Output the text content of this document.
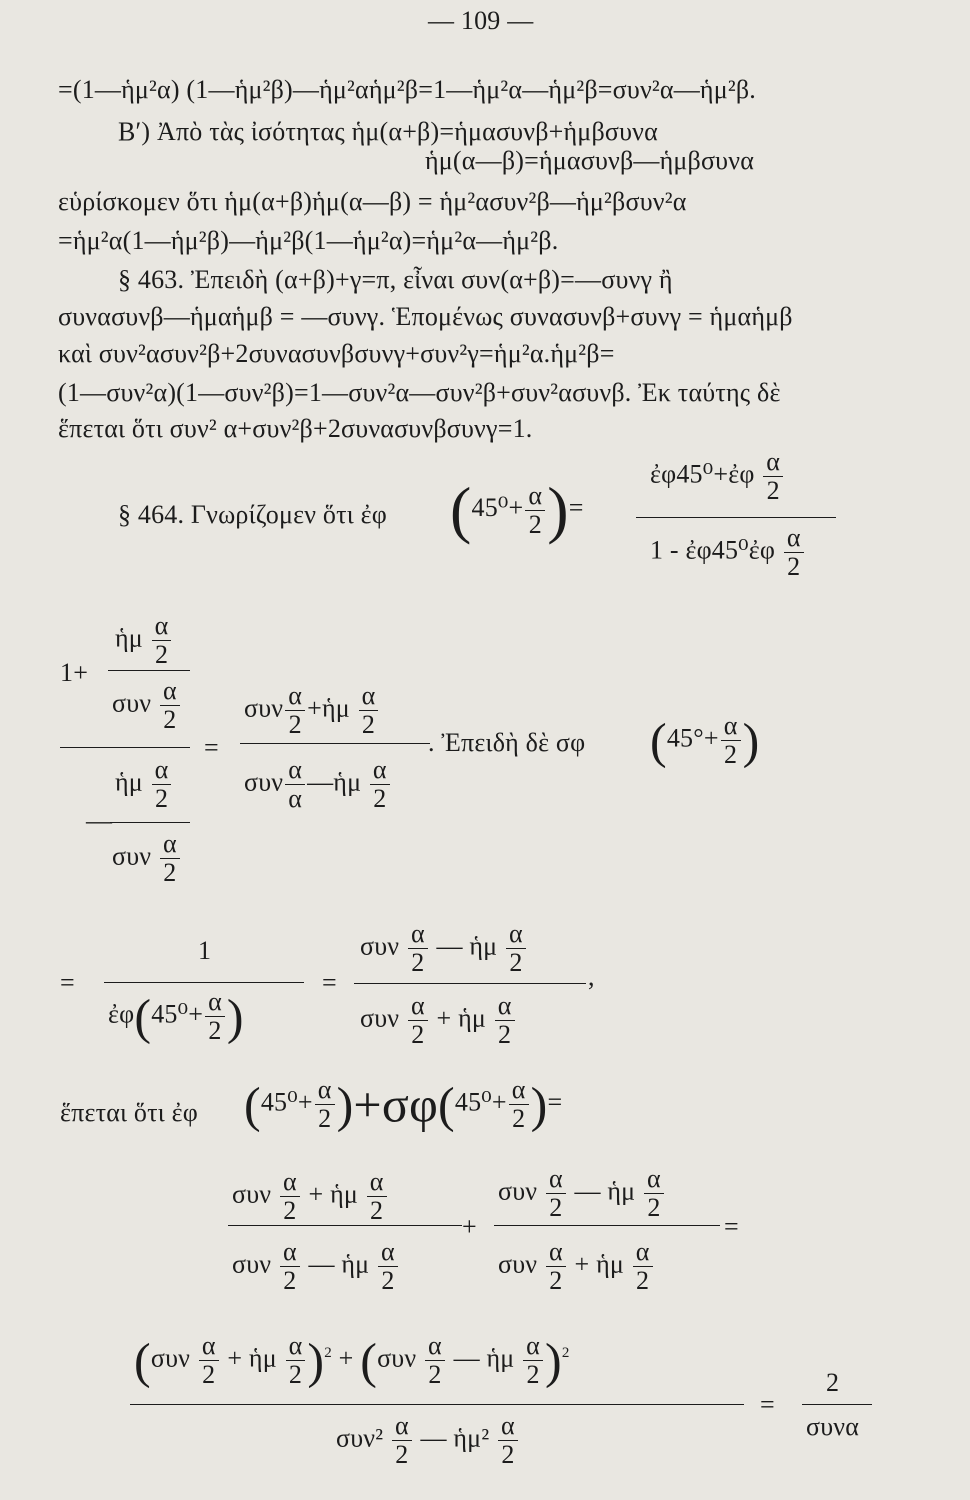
— 109 —
=(1—ἡμ²α) (1—ἡμ²β)—ἡμ²αἡμ²β=1—ἡμ²α—ἡμ²β=συν²α—ἡμ²β.
Β′) Ἀπὸ τὰς ἰσότητας ἡμ(α+β)=ἡμασυνβ+ἡμβσυνα
ἡμ(α—β)=ἡμασυνβ—ἡμβσυνα
εὑρίσκομεν ὅτι ἡμ(α+β)ἡμ(α—β) = ἡμ²ασυν²β—ἡμ²βσυν²α
=ἡμ²α(1—ἡμ²β)—ἡμ²β(1—ἡμ²α)=ἡμ²α—ἡμ²β.
§ 463. Ἐπειδὴ (α+β)+γ=π, εἶναι συν(α+β)=—συνγ ἢ
συνασυνβ—ἡμαἡμβ = —συνγ. Ἑπομένως συνασυνβ+συνγ = ἡμαἡμβ
καὶ συν²ασυν²β+2συνασυνβσυνγ+συν²γ=ἡμ²α.ἡμ²β=
(1—συν²α)(1—συν²β)=1—συν²α—συν²β+συν²ασυνβ. Ἐκ ταύτης δὲ
ἕπεται ὅτι συν² α+συν²β+2συνασυνβσυνγ=1.
§ 464. Γνωρίζομεν ὅτι ἐφ ($45^0+ \frac{\alpha}{2}$ )=
ἐφ45⁰+ἐφ $\frac{\alpha}{2}$
1 - ἐφ45⁰ἐφ $\frac{\alpha}{2}$
ἡμ $\frac{\alpha}{2}$
1+
συν $\frac{\alpha}{2}$
ἡμ $\frac{\alpha}{2}$
—
συν $\frac{\alpha}{2}$
=
συν $\frac{\alpha}{2}$ +ἡμ $\frac{\alpha}{2}$
συν $\frac{\alpha}{\alpha}$ —ἡμ $\frac{\alpha}{2}$
. Ἐπειδὴ δὲ σφ ($45^\circ+ \frac{\alpha}{2}$ )
=
1
ἐφ(45⁰+ $\frac{\alpha}{2}$ )
=
συν $\frac{\alpha}{2}$ — ἡμ $\frac{\alpha}{2}$ ,
συν $\frac{\alpha}{2}$ + ἡμ $\frac{\alpha}{2}$
ἕπεται ὅτι ἐφ $(45^0+ \frac{\alpha}{2} )+\sigma\varphi(45^0+ \frac{\alpha}{2}$ )=
συν $\frac{\alpha}{2}$ + ἡμ $\frac{\alpha}{2}$
συν $\frac{\alpha}{2}$ — ἡμ $\frac{\alpha}{2}$
+
συν $\frac{\alpha}{2}$ — ἡμ $\frac{\alpha}{2}$
συν $\frac{\alpha}{2}$ + ἡμ $\frac{\alpha}{2}$
=
($\sigma\upsilon\nu \frac{\alpha}{2}$ + ἡμ $\frac{\alpha}{2} )^2 + (\sigma\upsilon\nu \frac{\alpha}{2}$ — ἡμ $\frac{\alpha}{2} )^2$
$\sigma\upsilon\nu^2 \frac{\alpha}{2}$ — ἡμ² $\frac{\alpha}{2}$
=
2
συνα
